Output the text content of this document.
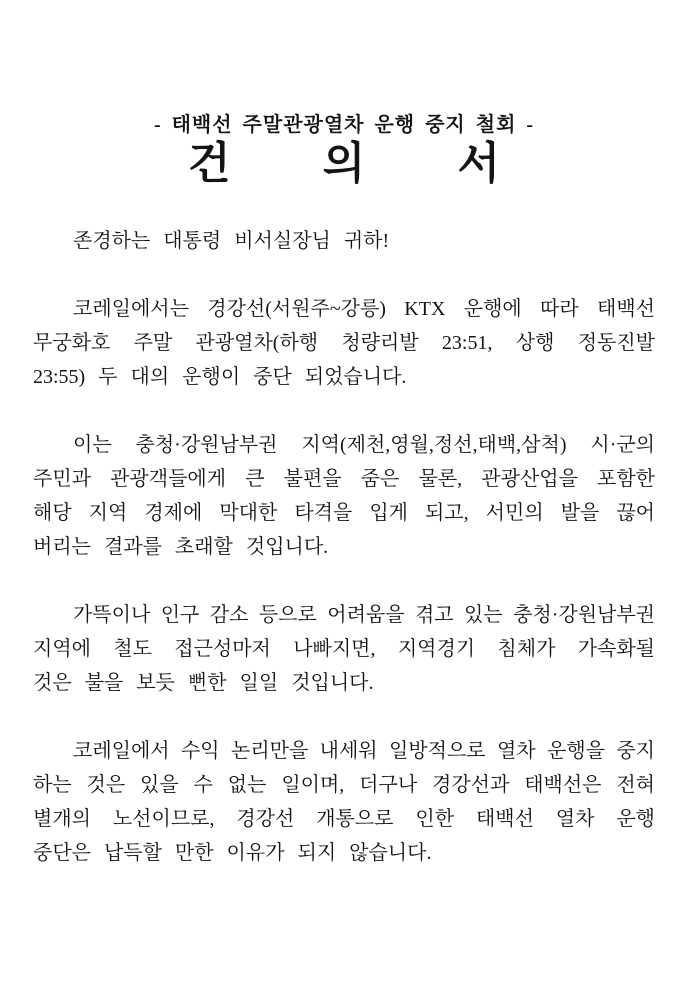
- 태백선 주말관광열차 운행 중지 철회 -
건 의 서

존경하는 대통령 비서실장님 귀하!

코레일에서는 경강선(서원주~강릉) KTX 운행에 따라 태백선
무궁화호 주말 관광열차(하행 청량리발 23:51, 상행 정동진발
23:55) 두 대의 운행이 중단 되었습니다.
이는 충청·강원남부권 지역(제천,영월,정선,태백,삼척) 시·군의
주민과 관광객들에게 큰 불편을 줌은 물론, 관광산업을 포함한
해당 지역 경제에 막대한 타격을 입게 되고, 서민의 발을 끊어
버리는 결과를 초래할 것입니다.
가뜩이나 인구 감소 등으로 어려움을 겪고 있는 충청·강원남부권
지역에 철도 접근성마저 나빠지면, 지역경기 침체가 가속화될
것은 불을 보듯 뻔한 일일 것입니다.
코레일에서 수익 논리만을 내세워 일방적으로 열차 운행을 중지
하는 것은 있을 수 없는 일이며, 더구나 경강선과 태백선은 전혀
별개의 노선이므로, 경강선 개통으로 인한 태백선 열차 운행
중단은 납득할 만한 이유가 되지 않습니다.
